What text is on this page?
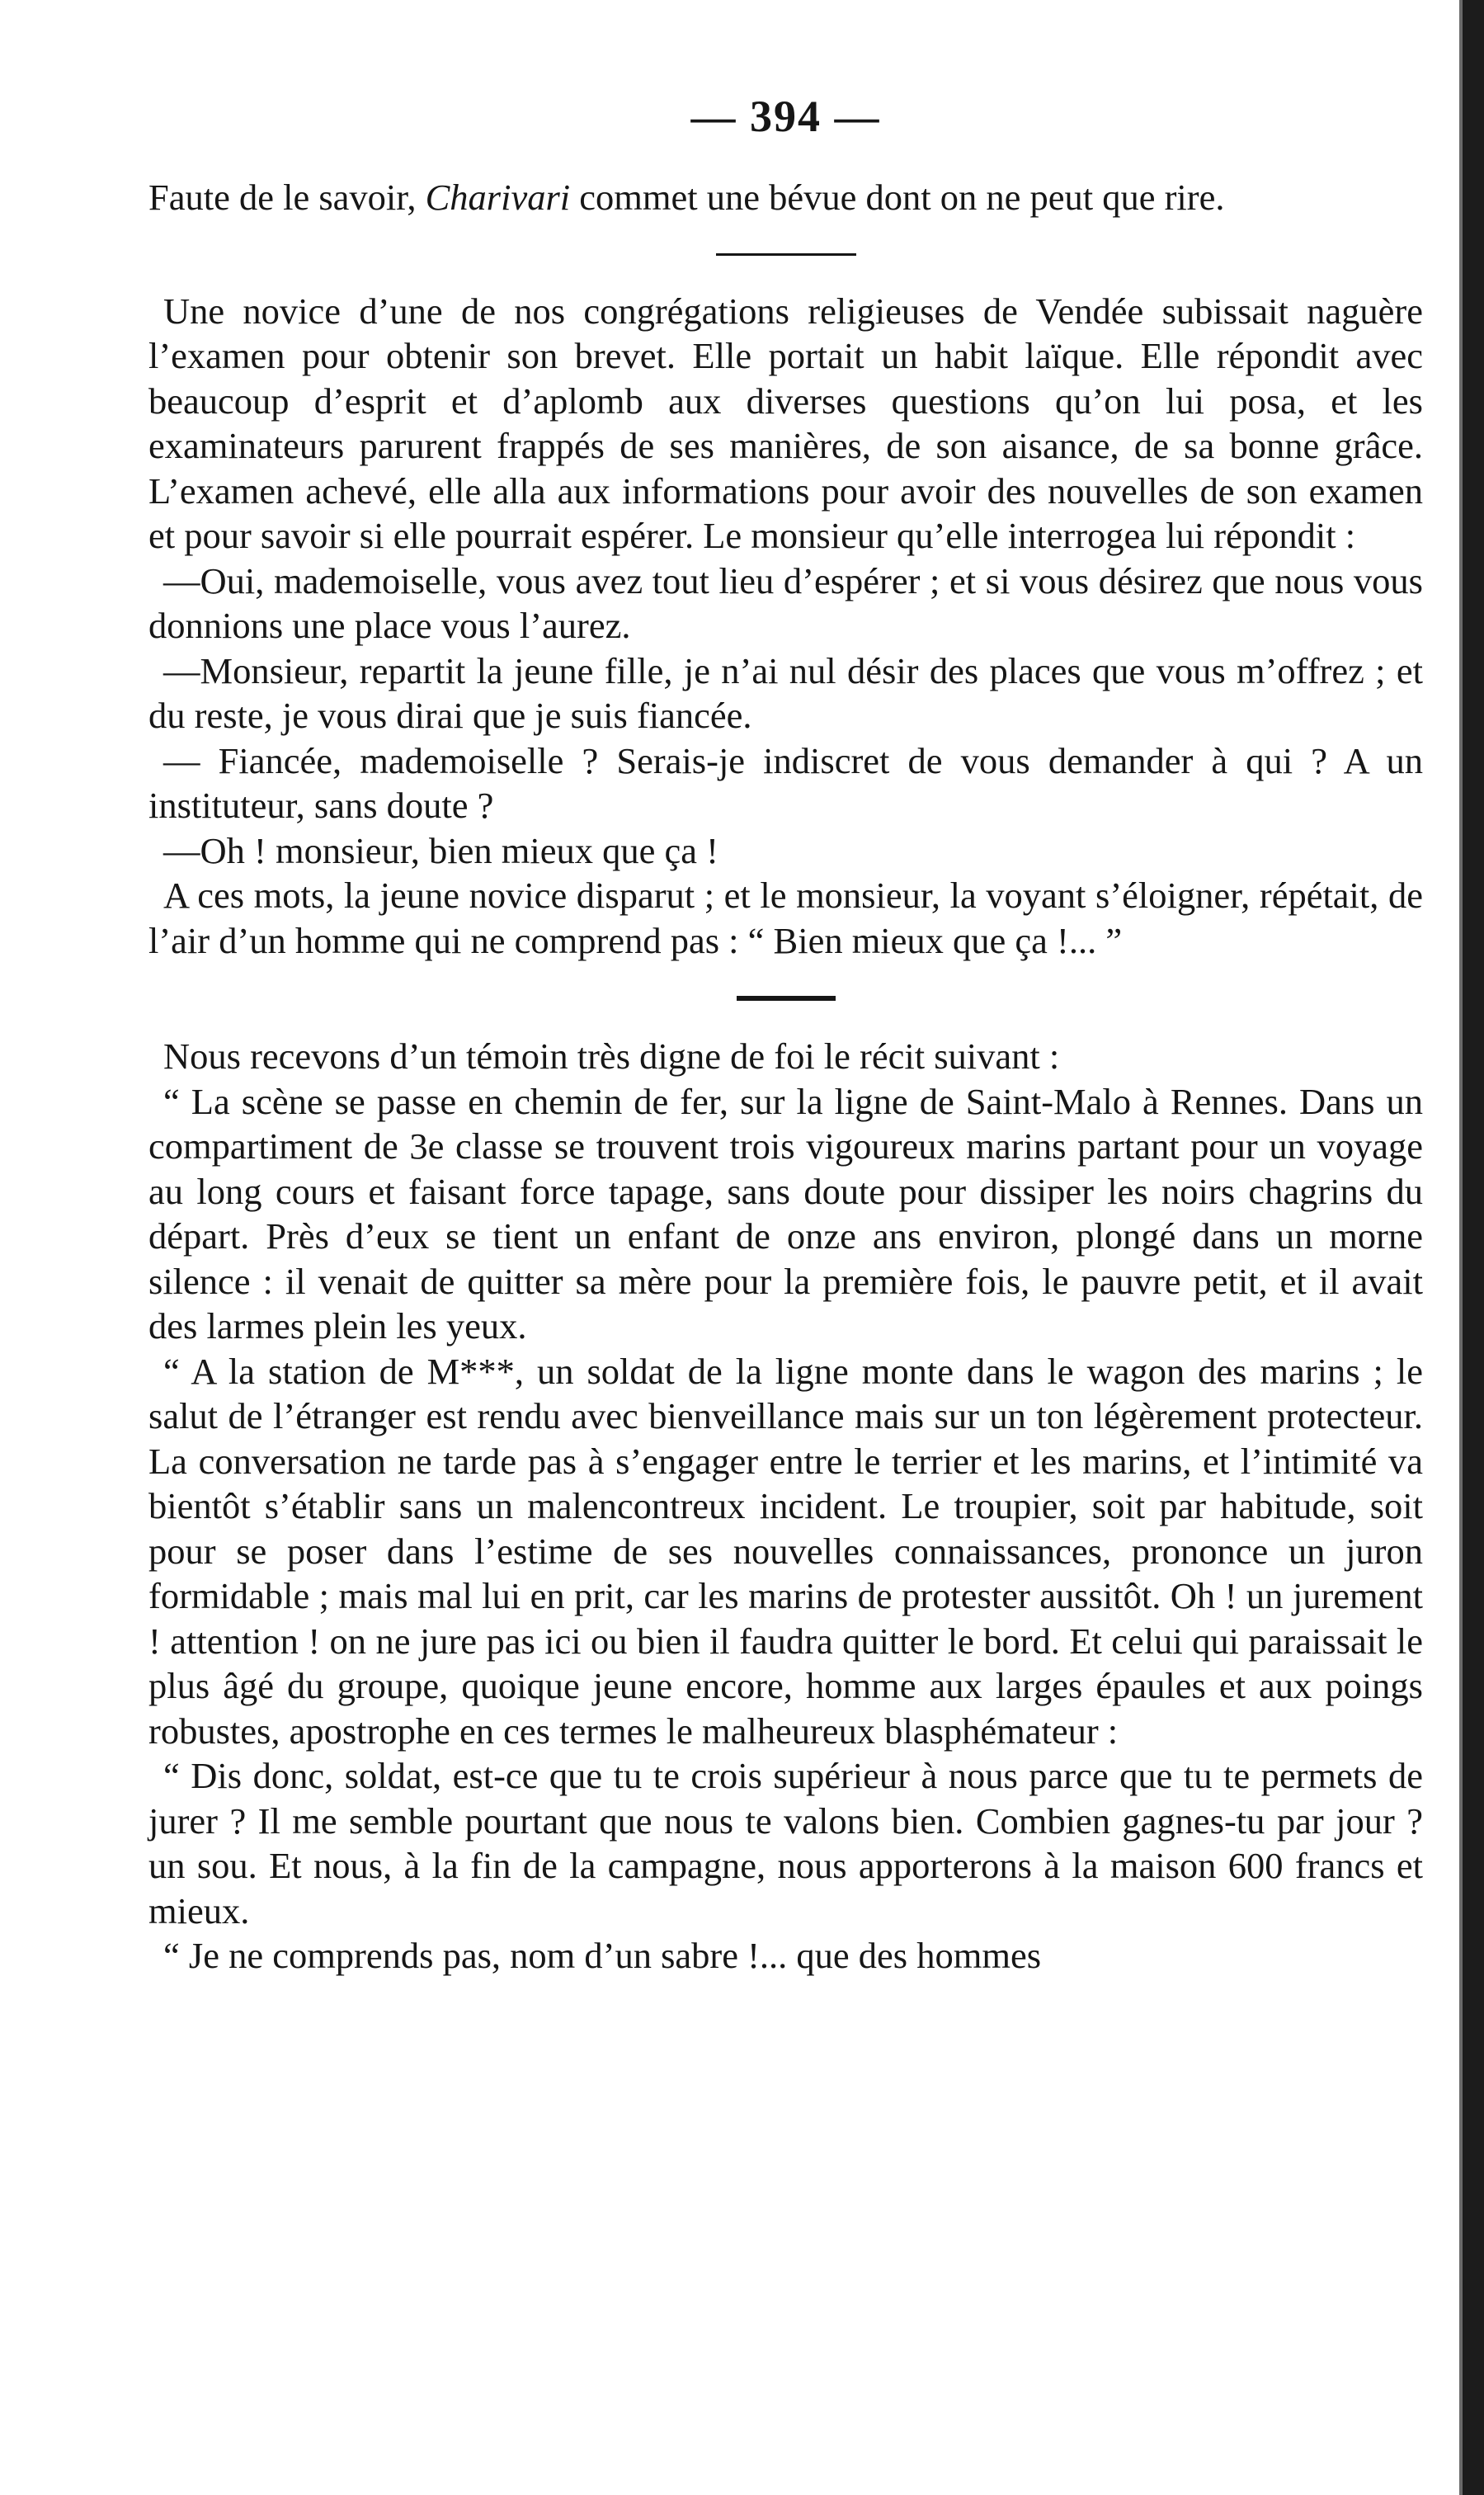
— 394 —

Faute de le savoir, Charivari commet une bévue dont on ne peut que rire.

Une novice d’une de nos congrégations religieuses de Vendée subissait naguère l’examen pour obtenir son brevet. Elle portait un habit laïque. Elle répondit avec beaucoup d’esprit et d’aplomb aux diverses questions qu’on lui posa, et les examinateurs parurent frappés de ses manières, de son aisance, de sa bonne grâce. L’examen achevé, elle alla aux informations pour avoir des nouvelles de son examen et pour savoir si elle pourrait espérer. Le monsieur qu’elle interrogea lui répondit :

—Oui, mademoiselle, vous avez tout lieu d’espérer ; et si vous désirez que nous vous donnions une place vous l’aurez.

—Monsieur, repartit la jeune fille, je n’ai nul désir des places que vous m’offrez ; et du reste, je vous dirai que je suis fiancée.

— Fiancée, mademoiselle ? Serais-je indiscret de vous demander à qui ? A un instituteur, sans doute ?

—Oh ! monsieur, bien mieux que ça !

A ces mots, la jeune novice disparut ; et le monsieur, la voyant s’éloigner, répétait, de l’air d’un homme qui ne comprend pas : “ Bien mieux que ça !... ”

Nous recevons d’un témoin très digne de foi le récit suivant :

“ La scène se passe en chemin de fer, sur la ligne de Saint-Malo à Rennes. Dans un compartiment de 3e classe se trouvent trois vigoureux marins partant pour un voyage au long cours et faisant force tapage, sans doute pour dissiper les noirs chagrins du départ. Près d’eux se tient un enfant de onze ans environ, plongé dans un morne silence : il venait de quitter sa mère pour la première fois, le pauvre petit, et il avait des larmes plein les yeux.

“ A la station de M***, un soldat de la ligne monte dans le wagon des marins ; le salut de l’étranger est rendu avec bienveillance mais sur un ton légèrement protecteur. La conversation ne tarde pas à s’engager entre le terrier et les marins, et l’intimité va bientôt s’établir sans un malencontreux incident. Le troupier, soit par habitude, soit pour se poser dans l’estime de ses nouvelles connaissances, prononce un juron formidable ; mais mal lui en prit, car les marins de protester aussitôt. Oh ! un jurement ! attention ! on ne jure pas ici ou bien il faudra quitter le bord. Et celui qui paraissait le plus âgé du groupe, quoique jeune encore, homme aux larges épaules et aux poings robustes, apostrophe en ces termes le malheureux blasphémateur :

“ Dis donc, soldat, est-ce que tu te crois supérieur à nous parce que tu te permets de jurer ? Il me semble pourtant que nous te valons bien. Combien gagnes-tu par jour ? un sou. Et nous, à la fin de la campagne, nous apporterons à la maison 600 francs et mieux.

“ Je ne comprends pas, nom d’un sabre !... que des hommes
